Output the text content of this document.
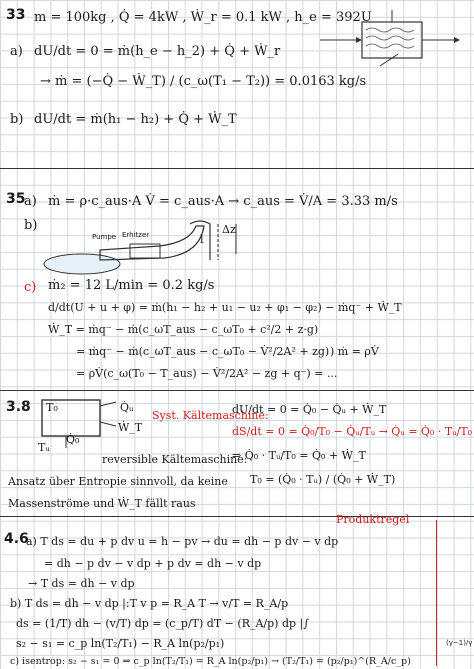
33 m = 100kg , Q̇ = 4kW , Ẇ_r = 0.1 kW , h_e = 392U
a) dU/dt = 0 = ṁ(h_e − h_2) + Q̇ + Ẇ_r
→ ṁ = (−Q̇ − Ẇ_T) / (c_ω(T₁ − T₂)) = 0.0163 kg/s
b) dU/dt = ṁ(h₁ − h₂) + Q̇ + Ẇ_T
35
a) ṁ = ρ·c_aus·A V̇ = c_aus·A → c_aus = V̇/A = 3.33 m/s
b)
Pumpe Erhitzer	Δz
l
c) ṁ₂ = 12 L/min = 0.2 kg/s
d/dt(U + u + φ) = ṁ(h₁ − h₂ + u₁ − u₂ + φ₁ − φ₂) − ṁq⁻ + Ẇ_T
Ẇ_T = ṁq⁻ − ṁ(c_ωT_aus − c_ωT₀ + c²/2 + z·g)
= ṁq⁻ − ṁ(c_ωT_aus − c_ωT₀ − V̇²/2A² + zg) ) ṁ = ρV̇
= ρV̇(c_ω(T₀ − T_aus) − V̇²/2A² − zg + q⁻) = ...
3.8 T₀	Q̇ᵤ
Ẇ_T
Tᵤ
Q̇₀
Syst. Kältemaschine:
dU/dt = 0 = Q̇₀ − Q̇ᵤ + Ẇ_T
dS/dt = 0 = Q̇₀/T₀ − Q̇ᵤ/Tᵤ → Q̇ᵤ = Q̇₀ · Tᵤ/T₀
⇒ Q̇₀ · Tᵤ/T₀ = Q̇₀ + Ẇ_T
T₀ = (Q̇₀ · Tᵤ) / (Q̇₀ + Ẇ_T)
reversible Kältemaschine:
Ansatz über Entropie sinnvoll, da keine
Massenströme und Ẇ_T fällt raus
Produktregel
4.6
a) T ds = du + p dv u = h − pv → du = dh − p dv − v dp
= dh − p dv − v dp + p dv = dh − v dp
→ T ds = dh − v dp
b) T ds = dh − v dp |:T v p = R_A T → v/T = R_A/p
ds = (1/T) dh − (v/T) dp = (c_p/T) dT − (R_A/p) dp |∫
s₂ − s₁ = c_p ln(T₂/T₁) − R_A ln(p₂/p₁)
c) isentrop: s₂ − s₁ = 0 ⇒ c_p ln(T₂/T₁) = R_A ln(p₂/p₁) → (T₂/T₁) = (p₂/p₁)^(R_A/c_p)
(γ−1)/γ
